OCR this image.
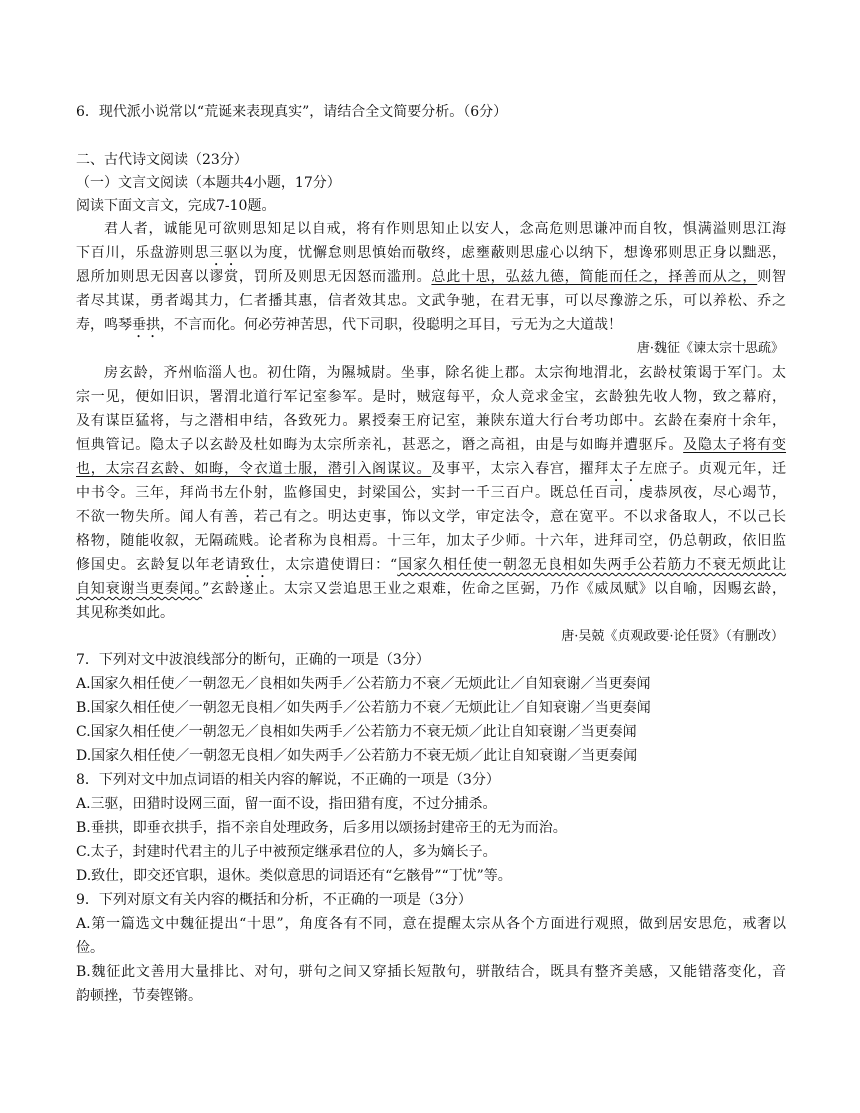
6．现代派小说常以“荒诞来表现真实”，请结合全文简要分析。（6分）
二、古代诗文阅读（23分）
（一）文言文阅读（本题共4小题，17分）
阅读下面文言文，完成7-10题。
君人者，诚能见可欲则思知足以自戒，将有作则思知止以安人，念高危则思谦冲而自牧，惧满溢则思江海
下百川，乐盘游则思三驱以为度，忧懈怠则思慎始而敬终，虑壅蔽则思虚心以纳下，想谗邪则思正身以黜恶，
恩所加则思无因喜以谬赏，罚所及则思无因怒而滥刑。总此十思，弘兹九德，简能而任之，择善而从之，则智
者尽其谋，勇者竭其力，仁者播其惠，信者效其忠。文武争驰，在君无事，可以尽豫游之乐，可以养松、乔之
寿，鸣琴垂拱，不言而化。何必劳神苦思，代下司职，役聪明之耳目，亏无为之大道哉！
唐·魏征《谏太宗十思疏》
房玄龄，齐州临淄人也。初仕隋，为隰城尉。坐事，除名徙上郡。太宗徇地渭北，玄龄杖策谒于军门。太
宗一见，便如旧识，署渭北道行军记室参军。是时，贼寇每平，众人竞求金宝，玄龄独先收人物，致之幕府，
及有谋臣猛将，与之潜相申结，各致死力。累授秦王府记室，兼陕东道大行台考功郎中。玄龄在秦府十余年，
恒典管记。隐太子以玄龄及杜如晦为太宗所亲礼，甚恶之，谮之高祖，由是与如晦并遭驱斥。及隐太子将有变
也，太宗召玄龄、如晦，令衣道士服，潜引入阁谋议。及事平，太宗入春宫，擢拜太子左庶子。贞观元年，迁
中书令。三年，拜尚书左仆射，监修国史，封梁国公，实封一千三百户。既总任百司，虔恭夙夜，尽心竭节，
不欲一物失所。闻人有善，若己有之。明达吏事，饰以文学，审定法令，意在宽平。不以求备取人，不以己长
格物，随能收叙，无隔疏贱。论者称为良相焉。十三年，加太子少师。十六年，进拜司空，仍总朝政，依旧监
修国史。玄龄复以年老请致仕，太宗遣使谓曰：“国家久相任使一朝忽无良相如失两手公若筋力不衰无烦此让
自知衰谢当更奏闻。”玄龄遂止。太宗又尝追思王业之艰难，佐命之匡弼，乃作《威凤赋》以自喻，因赐玄龄，
其见称类如此。
唐·吴兢《贞观政要·论任贤》（有删改）
7．下列对文中波浪线部分的断句，正确的一项是（3分）
A.国家久相任使／一朝忽无／良相如失两手／公若筋力不衰／无烦此让／自知衰谢／当更奏闻
B.国家久相任使／一朝忽无良相／如失两手／公若筋力不衰／无烦此让／自知衰谢／当更奏闻
C.国家久相任使／一朝忽无／良相如失两手／公若筋力不衰无烦／此让自知衰谢／当更奏闻
D.国家久相任使／一朝忽无良相／如失两手／公若筋力不衰无烦／此让自知衰谢／当更奏闻
8．下列对文中加点词语的相关内容的解说，不正确的一项是（3分）
A.三驱，田猎时设网三面，留一面不设，指田猎有度，不过分捕杀。
B.垂拱，即垂衣拱手，指不亲自处理政务，后多用以颂扬封建帝王的无为而治。
C.太子，封建时代君主的儿子中被预定继承君位的人，多为嫡长子。
D.致仕，即交还官职，退休。类似意思的词语还有“乞骸骨”“丁忧”等。
9．下列对原文有关内容的概括和分析，不正确的一项是（3分）
A.第一篇选文中魏征提出“十思”，角度各有不同，意在提醒太宗从各个方面进行观照，做到居安思危，戒奢以
俭。
B.魏征此文善用大量排比、对句，骈句之间又穿插长短散句，骈散结合，既具有整齐美感，又能错落变化，音
韵顿挫，节奏铿锵。
